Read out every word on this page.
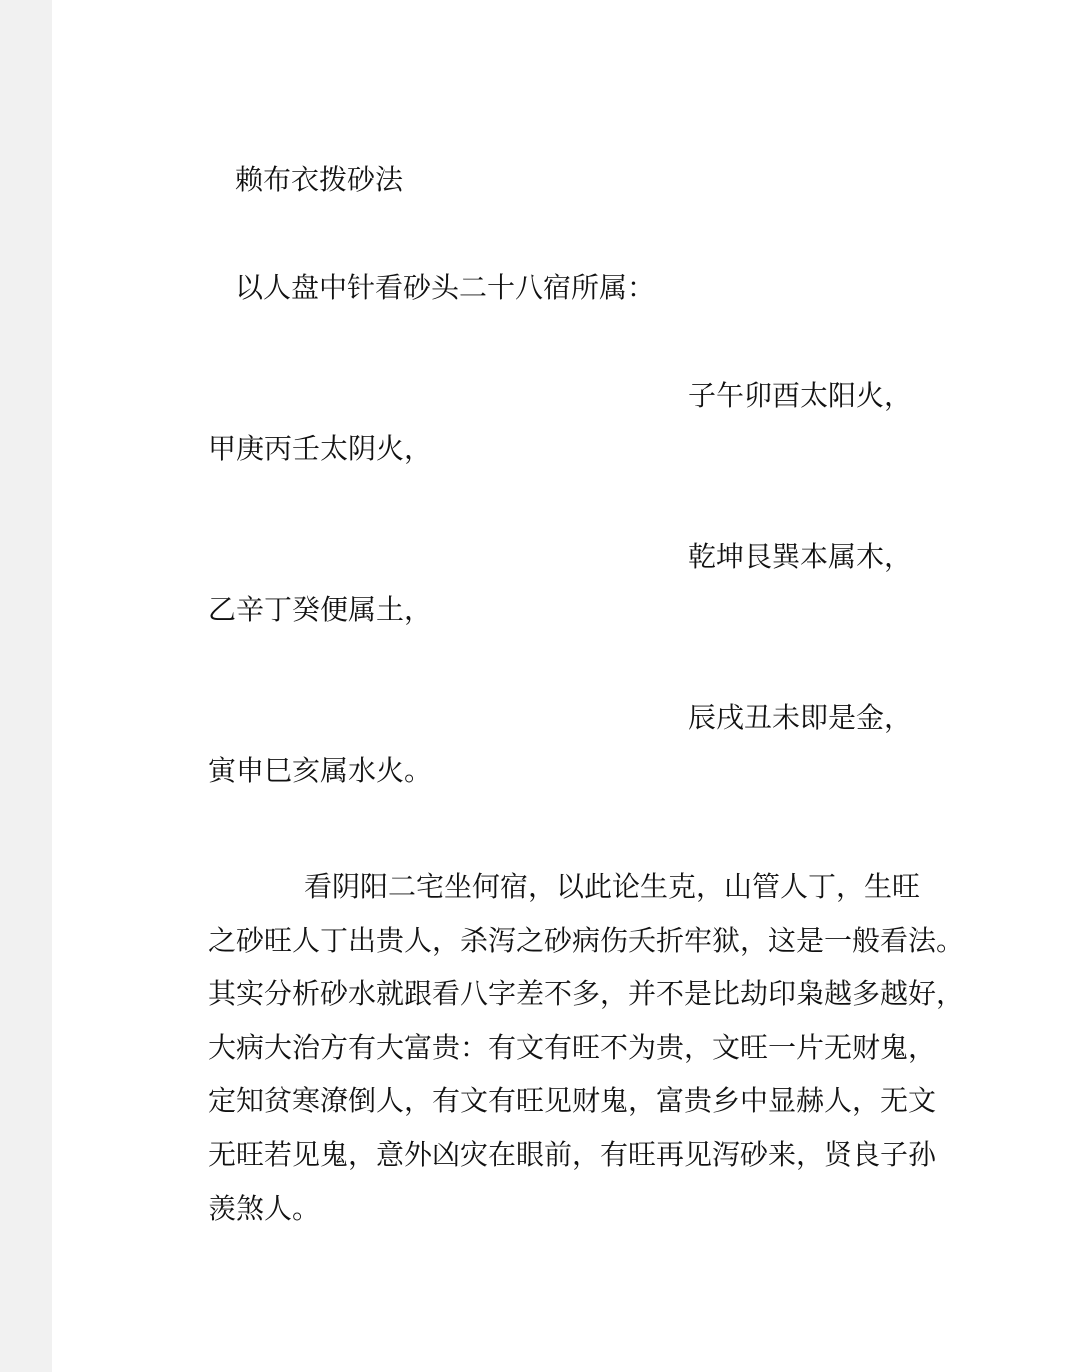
赖布衣拨砂法
以人盘中针看砂头二十八宿所属：
子午卯酉太阳火，
甲庚丙壬太阴火，
乾坤艮巽本属木，
乙辛丁癸便属土，
辰戌丑未即是金，
寅申巳亥属水火。
看阴阳二宅坐何宿，以此论生克，山管人丁，生旺
之砂旺人丁出贵人，杀泻之砂病伤夭折牢狱，这是一般看法。
其实分析砂水就跟看八字差不多，并不是比劫印枭越多越好，
大病大治方有大富贵：有文有旺不为贵，文旺一片无财鬼，
定知贫寒潦倒人，有文有旺见财鬼，富贵乡中显赫人，无文
无旺若见鬼，意外凶灾在眼前，有旺再见泻砂来，贤良子孙
羡煞人。
